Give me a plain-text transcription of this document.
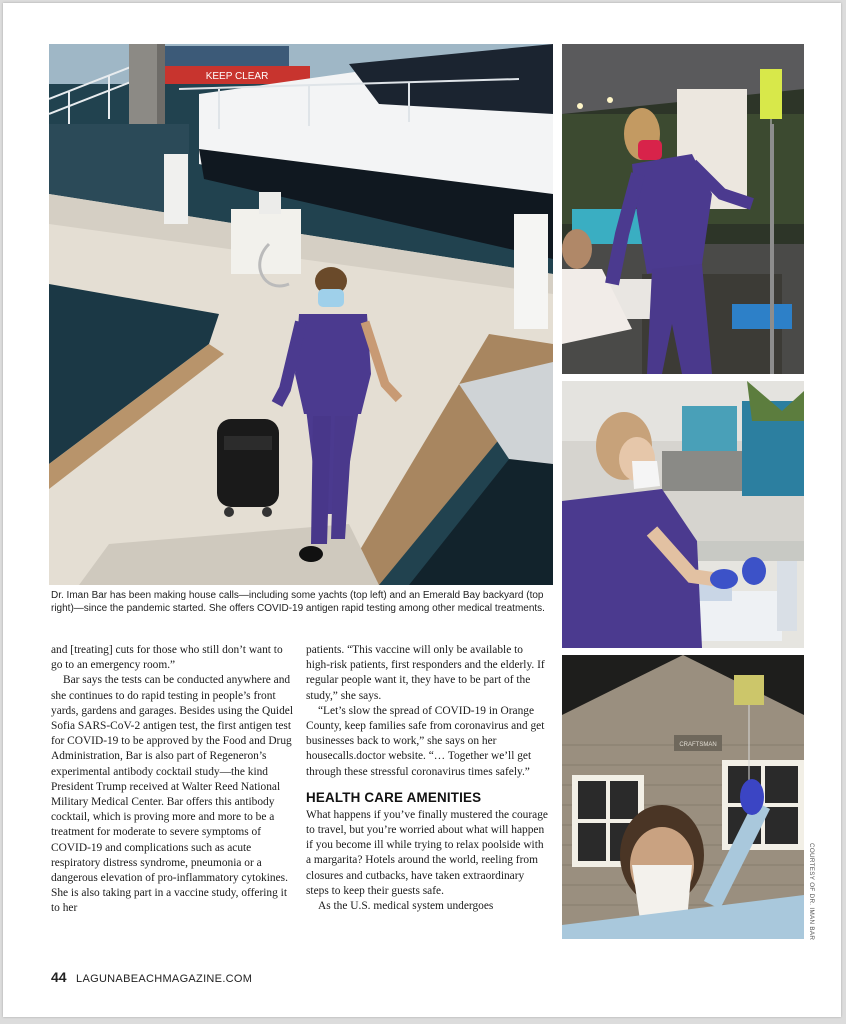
KEEP CLEAR
CRAFTSMAN
Dr. Iman Bar has been making house calls—including some yachts (top left) and an Emerald Bay backyard (top right)—since the pandemic started. She offers COVID-19 antigen rapid testing among other medical treatments.

and [treating] cuts for those who still don’t want to go to an emergency room.”

Bar says the tests can be conducted anywhere and she continues to do rapid testing in people’s front yards, gardens and garages. Besides using the Quidel Sofia SARS-CoV-2 antigen test, the first antigen test for COVID-19 to be approved by the Food and Drug Administration, Bar is also part of Regeneron’s experimental antibody cocktail study—the kind President Trump received at Walter Reed National Military Medical Center. Bar offers this antibody cocktail, which is proving more and more to be a treatment for moderate to severe symptoms of COVID-19 and complications such as acute respiratory distress syndrome, pneumonia or a dangerous elevation of pro-inflammatory cytokines. She is also taking part in a vaccine study, offering it to her

patients. “This vaccine will only be available to high-risk patients, first responders and the elderly. If regular people want it, they have to be part of the study,” she says.

“Let’s slow the spread of COVID-19 in Orange County, keep families safe from coronavirus and get businesses back to work,” she says on her housecalls.doctor website. “… Together we’ll get through these stressful coronavirus times safely.”

HEALTH CARE AMENITIES

What happens if you’ve finally mustered the courage to travel, but you’re worried about what will happen if you become ill while trying to relax poolside with a margarita? Hotels around the world, reeling from closures and cutbacks, have taken extraordinary steps to keep their guests safe.

As the U.S. medical system undergoes	COURTESY OF DR. IMAN BAR
44 LAGUNABEACHMAGAZINE.COM
